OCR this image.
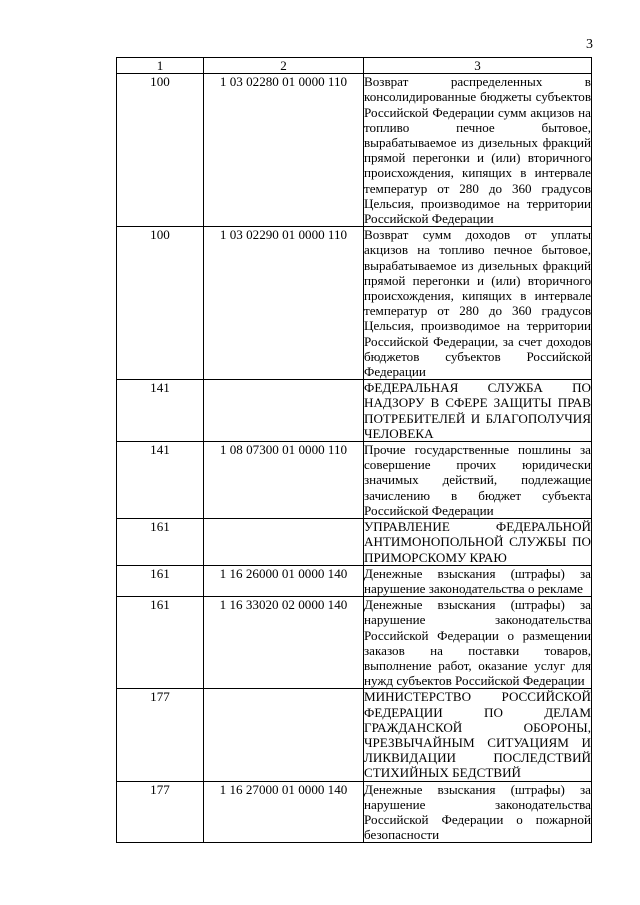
3
1	2	3
100	1 03 02280 01 0000 110	Возврат распределенных в консолидированные бюджеты субъектов Российской Федерации сумм акцизов на топливо печное бытовое, вырабатываемое из дизельных фракций прямой перегонки и (или) вторичного происхождения, кипящих в интервале температур от 280 до 360 градусов Цельсия, производимое на территории Российской Федерации
100	1 03 02290 01 0000 110	Возврат сумм доходов от уплаты акцизов на топливо печное бытовое, вырабатываемое из дизельных фракций прямой перегонки и (или) вторичного происхождения, кипящих в интервале температур от 280 до 360 градусов Цельсия, производимое на территории Российской Федерации, за счет доходов бюджетов субъектов Российской Федерации
141		ФЕДЕРАЛЬНАЯ СЛУЖБА ПО НАДЗОРУ В СФЕРЕ ЗАЩИТЫ ПРАВ ПОТРЕБИТЕЛЕЙ И БЛАГОПОЛУЧИЯ
ЧЕЛОВЕКА

141	1 08 07300 01 0000 110	Прочие государственные пошлины за совершение прочих юридически значимых действий, подлежащие зачислению в бюджет субъекта Российской Федерации
161		УПРАВЛЕНИЕ ФЕДЕРАЛЬНОЙ АНТИМОНОПОЛЬНОЙ СЛУЖБЫ ПО
ПРИМОРСКОМУ КРАЮ

161	1 16 26000 01 0000 140	Денежные взыскания (штрафы) за нарушение законодательства о рекламе
161	1 16 33020 02 0000 140	Денежные взыскания (штрафы) за нарушение законодательства Российской Федерации о размещении заказов на поставки товаров, выполнение работ, оказание услуг для нужд субъектов Российской Федерации
177		МИНИСТЕРСТВО РОССИЙСКОЙ ФЕДЕРАЦИИ ПО ДЕЛАМ ГРАЖДАНСКОЙ ОБОРОНЫ, ЧРЕЗВЫЧАЙНЫМ СИТУАЦИЯМ И ЛИКВИДАЦИИ ПОСЛЕДСТВИЙ
СТИХИЙНЫХ БЕДСТВИЙ

177	1 16 27000 01 0000 140	Денежные взыскания (штрафы) за нарушение законодательства Российской Федерации о пожарной безопасности
